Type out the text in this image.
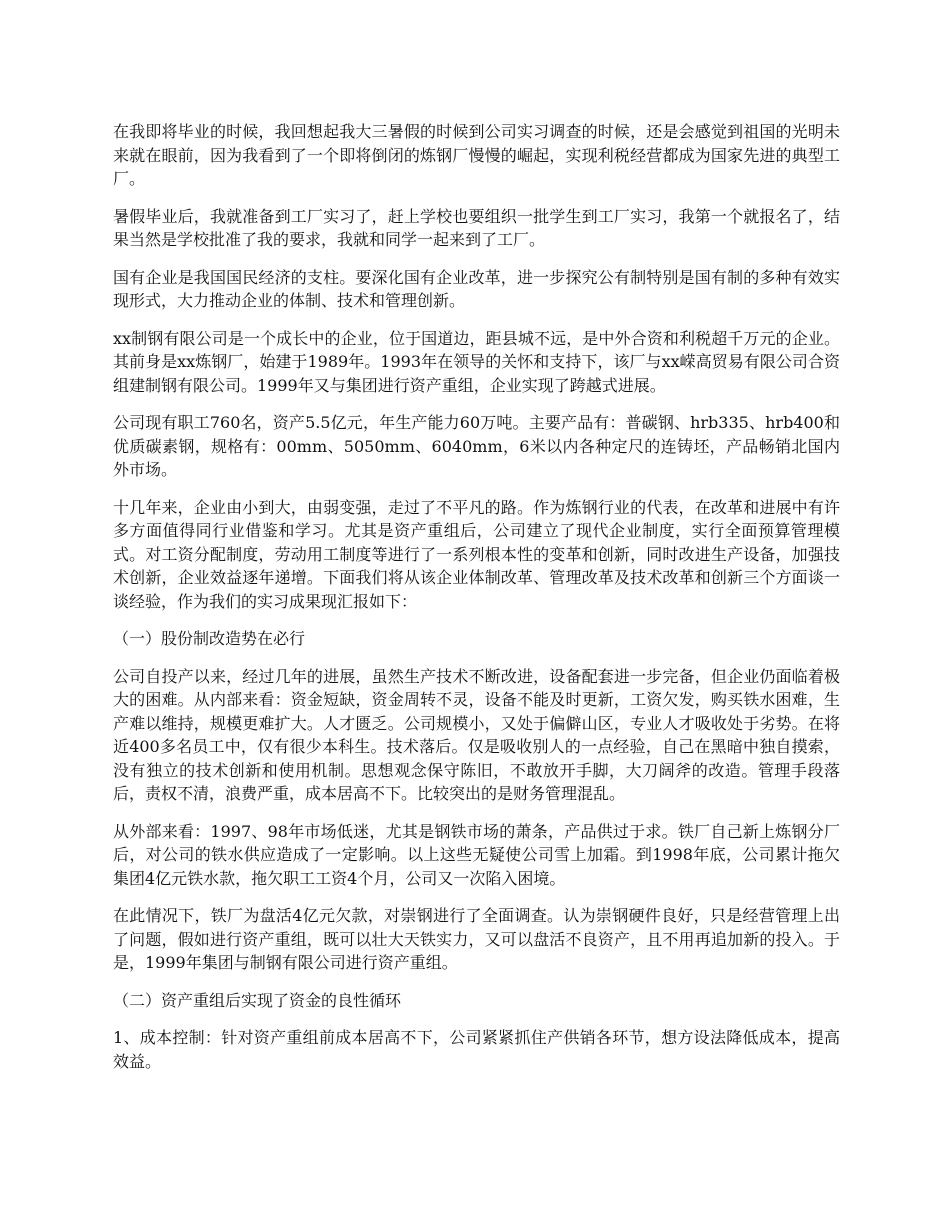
在我即将毕业的时候，我回想起我大三暑假的时候到公司实习调查的时候，还是会感觉到祖国的光明未来就在眼前，因为我看到了一个即将倒闭的炼钢厂慢慢的崛起，实现利税经营都成为国家先进的典型工厂。

暑假毕业后，我就准备到工厂实习了，赶上学校也要组织一批学生到工厂实习，我第一个就报名了，结果当然是学校批准了我的要求，我就和同学一起来到了工厂。

国有企业是我国国民经济的支柱。要深化国有企业改革，进一步探究公有制特别是国有制的多种有效实现形式，大力推动企业的体制、技术和管理创新。

xx制钢有限公司是一个成长中的企业，位于国道边，距县城不远，是中外合资和利税超千万元的企业。其前身是xx炼钢厂，始建于1989年。1993年在领导的关怀和支持下，该厂与xx嵘高贸易有限公司合资组建制钢有限公司。1999年又与集团进行资产重组，企业实现了跨越式进展。

公司现有职工760名，资产5.5亿元，年生产能力60万吨。主要产品有：普碳钢、hrb335、hrb400和优质碳素钢，规格有：00mm、5050mm、6040mm，6米以内各种定尺的连铸坯，产品畅销北国内外市场。

十几年来，企业由小到大，由弱变强，走过了不平凡的路。作为炼钢行业的代表，在改革和进展中有许多方面值得同行业借鉴和学习。尤其是资产重组后，公司建立了现代企业制度，实行全面预算管理模式。对工资分配制度，劳动用工制度等进行了一系列根本性的变革和创新，同时改进生产设备，加强技术创新，企业效益逐年递增。下面我们将从该企业体制改革、管理改革及技术改革和创新三个方面谈一谈经验，作为我们的实习成果现汇报如下：

（一）股份制改造势在必行

公司自投产以来，经过几年的进展，虽然生产技术不断改进，设备配套进一步完备，但企业仍面临着极大的困难。从内部来看：资金短缺，资金周转不灵，设备不能及时更新，工资欠发，购买铁水困难，生产难以维持，规模更难扩大。人才匮乏。公司规模小，又处于偏僻山区，专业人才吸收处于劣势。在将近400多名员工中，仅有很少本科生。技术落后。仅是吸收别人的一点经验，自己在黑暗中独自摸索，没有独立的技术创新和使用机制。思想观念保守陈旧，不敢放开手脚，大刀阔斧的改造。管理手段落后，责权不清，浪费严重，成本居高不下。比较突出的是财务管理混乱。

从外部来看：1997、98年市场低迷，尤其是钢铁市场的萧条，产品供过于求。铁厂自己新上炼钢分厂后，对公司的铁水供应造成了一定影响。以上这些无疑使公司雪上加霜。到1998年底，公司累计拖欠集团4亿元铁水款，拖欠职工工资4个月，公司又一次陷入困境。

在此情况下，铁厂为盘活4亿元欠款，对崇钢进行了全面调查。认为崇钢硬件良好，只是经营管理上出了问题，假如进行资产重组，既可以壮大天铁实力，又可以盘活不良资产，且不用再追加新的投入。于是，1999年集团与制钢有限公司进行资产重组。

（二）资产重组后实现了资金的良性循环

1、成本控制：针对资产重组前成本居高不下，公司紧紧抓住产供销各环节，想方设法降低成本，提高效益。
